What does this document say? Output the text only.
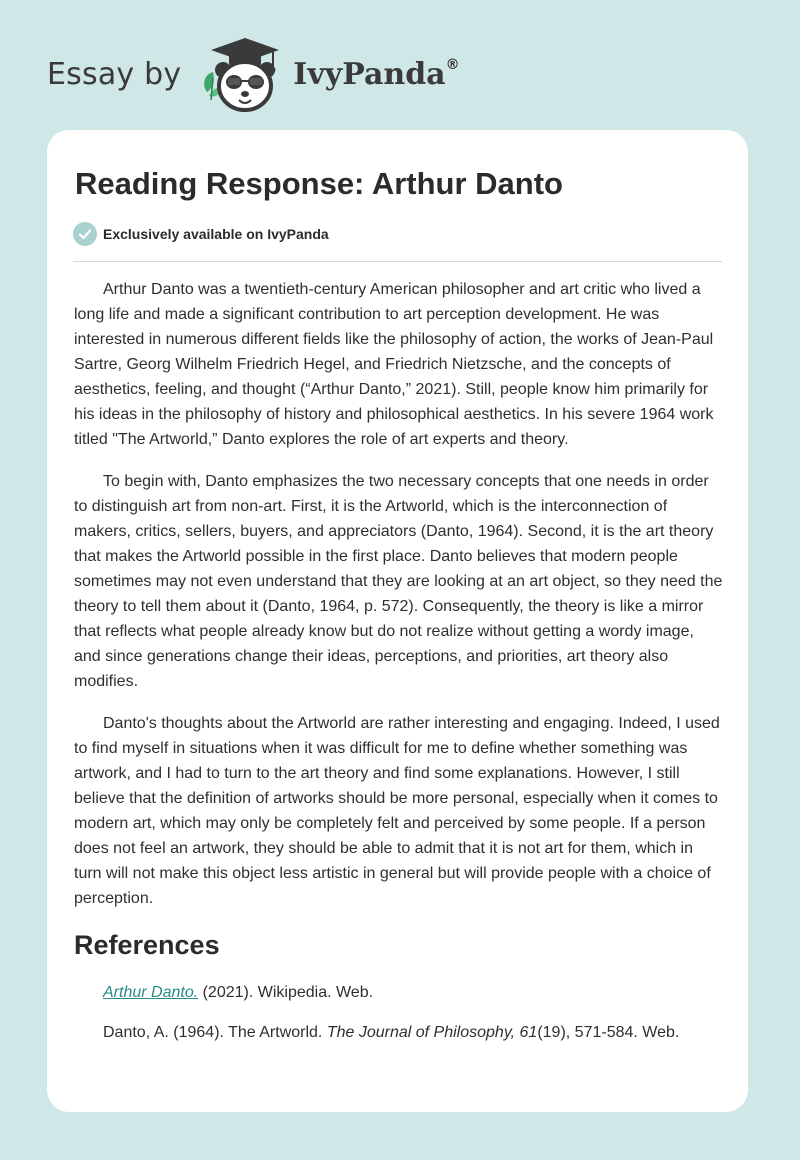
Essay by	IvyPanda®
Reading Response: Arthur Danto
Exclusively available on IvyPanda

Arthur Danto was a twentieth-century American philosopher and art critic who lived a long life and made a significant contribution to art perception development. He was interested in numerous different fields like the philosophy of action, the works of Jean-Paul Sartre, Georg Wilhelm Friedrich Hegel, and Friedrich Nietzsche, and the concepts of aesthetics, feeling, and thought (“Arthur Danto,” 2021). Still, people know him primarily for his ideas in the philosophy of history and philosophical aesthetics. In his severe 1964 work titled "The Artworld,” Danto explores the role of art experts and theory.

To begin with, Danto emphasizes the two necessary concepts that one needs in order to distinguish art from non-art. First, it is the Artworld, which is the interconnection of makers, critics, sellers, buyers, and appreciators (Danto, 1964). Second, it is the art theory that makes the Artworld possible in the first place. Danto believes that modern people sometimes may not even understand that they are looking at an art object, so they need the theory to tell them about it (Danto, 1964, p. 572). Consequently, the theory is like a mirror that reflects what people already know but do not realize without getting a wordy image, and since generations change their ideas, perceptions, and priorities, art theory also modifies.

Danto's thoughts about the Artworld are rather interesting and engaging. Indeed, I used to find myself in situations when it was difficult for me to define whether something was artwork, and I had to turn to the art theory and find some explanations. However, I still believe that the definition of artworks should be more personal, especially when it comes to modern art, which may only be completely felt and perceived by some people. If a person does not feel an artwork, they should be able to admit that it is not art for them, which in turn will not make this object less artistic in general but will provide people with a choice of perception.

References
Arthur Danto. (2021). Wikipedia. Web.
Danto, A. (1964). The Artworld. The Journal of Philosophy, 61(19), 571-584. Web.
